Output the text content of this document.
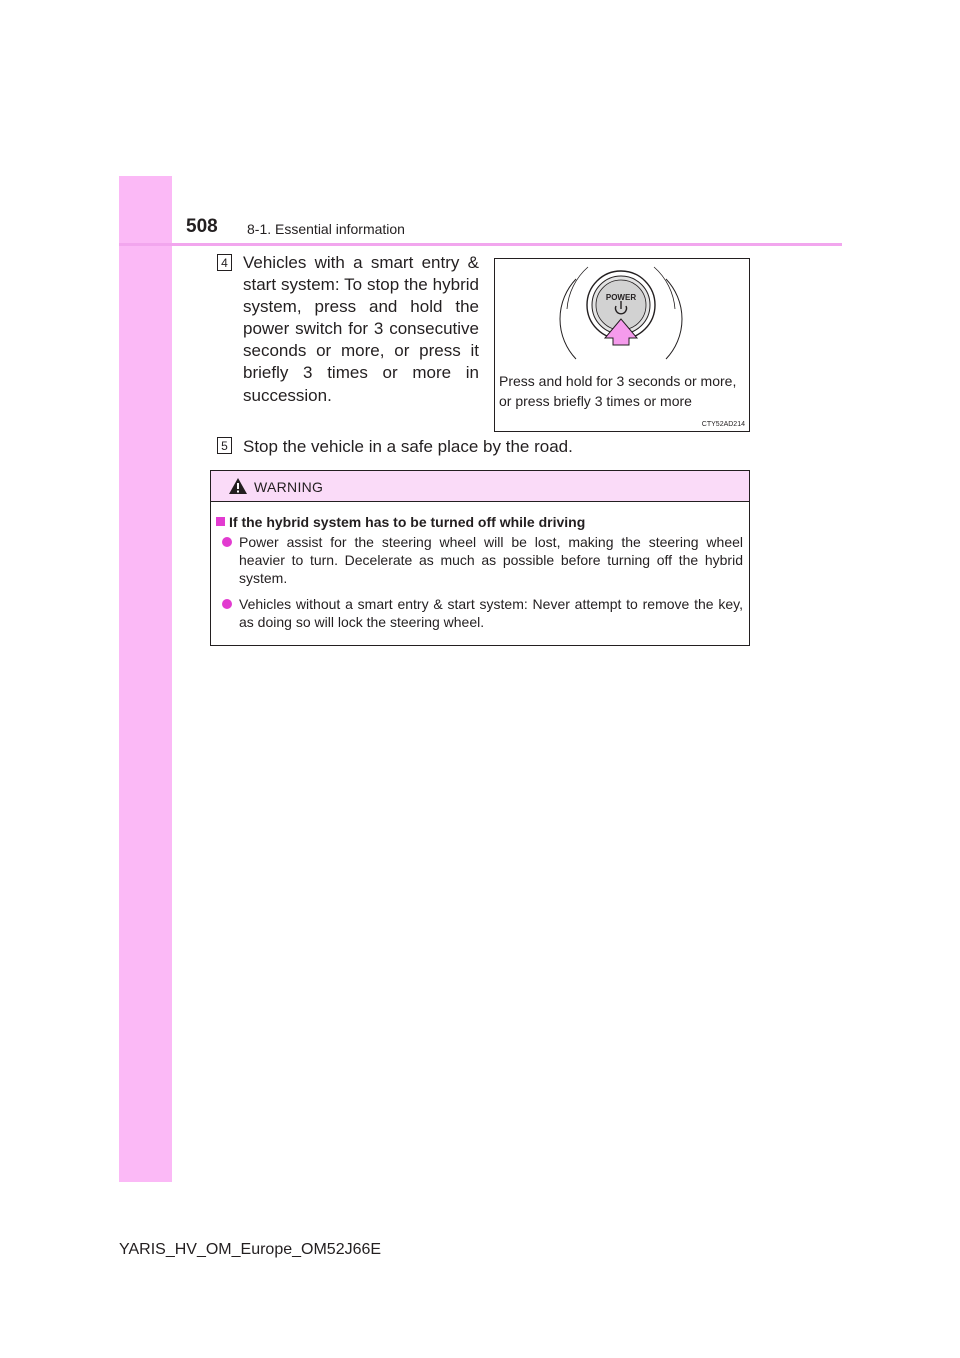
508 8-1. Essential information
4 Vehicles with a smart entry & start system: To stop the hybrid system, press and hold the power switch for 3 consecutive seconds or more, or press it briefly 3 times or more in succession.
POWER
Press and hold for 3 seconds or more, or press briefly 3 times or more
CTY52AD214
5 Stop the vehicle in a safe place by the road.
WARNING
If the hybrid system has to be turned off while driving
Power assist for the steering wheel will be lost, making the steering wheel heavier to turn. Decelerate as much as possible before turning off the hybrid system.
Vehicles without a smart entry & start system: Never attempt to remove the key, as doing so will lock the steering wheel.
YARIS_HV_OM_Europe_OM52J66E
